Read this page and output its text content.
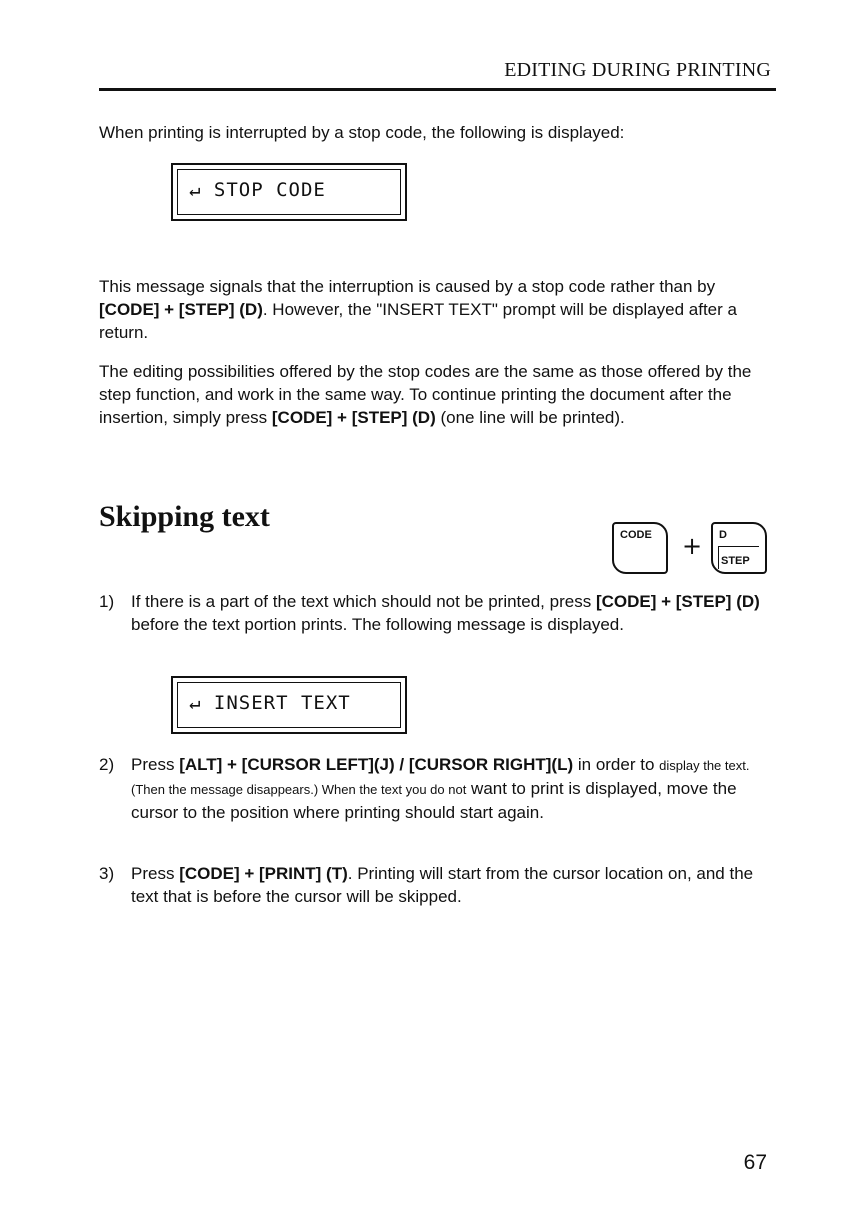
EDITING DURING PRINTING
When printing is interrupted by a stop code, the following is displayed:
↵ STOP CODE
This message signals that the interruption is caused by a stop code rather than by [CODE] + [STEP] (D). However, the "INSERT TEXT" prompt will be displayed after a return.
The editing possibilities offered by the stop codes are the same as those offered by the step function, and work in the same way. To continue printing the document after the insertion, simply press [CODE] + [STEP] (D) (one line will be printed).
Skipping text
CODE + D
STEP
1) If there is a part of the text which should not be printed, press [CODE] + [STEP] (D) before the text portion prints. The following message is displayed.
↵ INSERT TEXT
2) Press [ALT] + [CURSOR LEFT](J) / [CURSOR RIGHT](L) in order to display the text. (Then the message disappears.) When the text you do not want to print is displayed, move the cursor to the position where printing should start again.
3) Press [CODE] + [PRINT] (T). Printing will start from the cursor location on, and the text that is before the cursor will be skipped.
67
